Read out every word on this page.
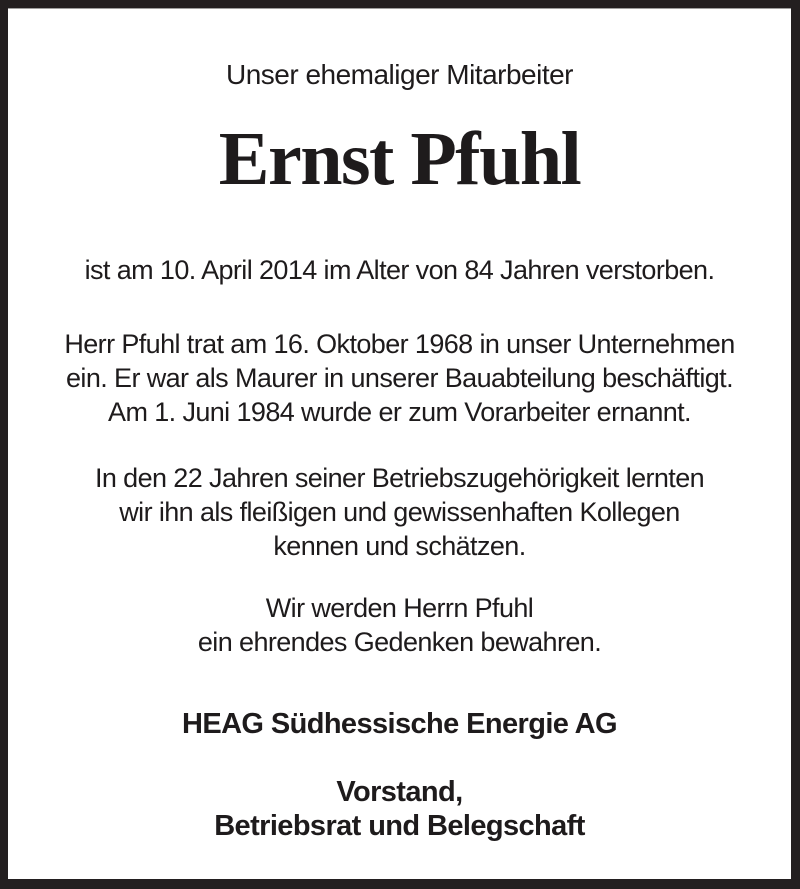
Unser ehemaliger Mitarbeiter
Ernst Pfuhl
ist am 10. April 2014 im Alter von 84 Jahren verstorben.
Herr Pfuhl trat am 16. Oktober 1968 in unser Unternehmen
ein. Er war als Maurer in unserer Bauabteilung beschäftigt.
Am 1. Juni 1984 wurde er zum Vorarbeiter ernannt.
In den 22 Jahren seiner Betriebszugehörigkeit lernten
wir ihn als fleißigen und gewissenhaften Kollegen
kennen und schätzen.
Wir werden Herrn Pfuhl
ein ehrendes Gedenken bewahren.
HEAG Südhessische Energie AG
Vorstand,
Betriebsrat und Belegschaft
